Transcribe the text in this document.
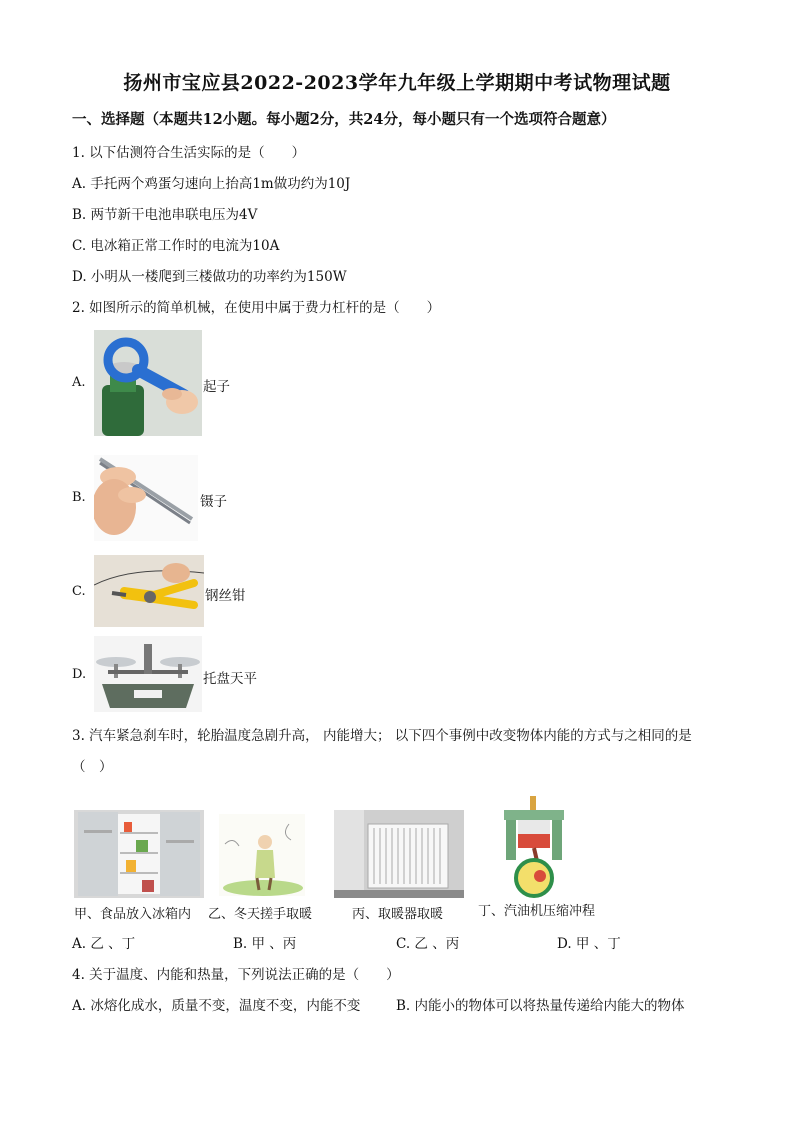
扬州市宝应县2022-2023学年九年级上学期期中考试物理试题
一、选择题（本题共12小题。每小题2分，共24分，每小题只有一个选项符合题意）
1. 以下估测符合生活实际的是（　　）
A. 手托两个鸡蛋匀速向上抬高1m做功约为10J
B. 两节新干电池串联电压为4V
C. 电冰箱正常工作时的电流为10A
D. 小明从一楼爬到三楼做功的功率约为150W
2. 如图所示的简单机械，在使用中属于费力杠杆的是（　　）
A.	起子
B.	镊子
C.	钢丝钳
D.	托盘天平
3. 汽车紧急刹车时，轮胎温度急剧升高， 内能增大； 以下四个事例中改变物体内能的方式与之相同的是
（　）
甲、食品放入冰箱内 乙、冬天搓手取暖	丙、取暖器取暖	丁、汽油机压缩冲程
A. 乙 、丁	B. 甲 、丙	C. 乙 、丙	D. 甲 、丁
4. 关于温度、内能和热量，下列说法正确的是（　　）
A. 冰熔化成水，质量不变，温度不变，内能不变	B. 内能小的物体可以将热量传递给内能大的物体
